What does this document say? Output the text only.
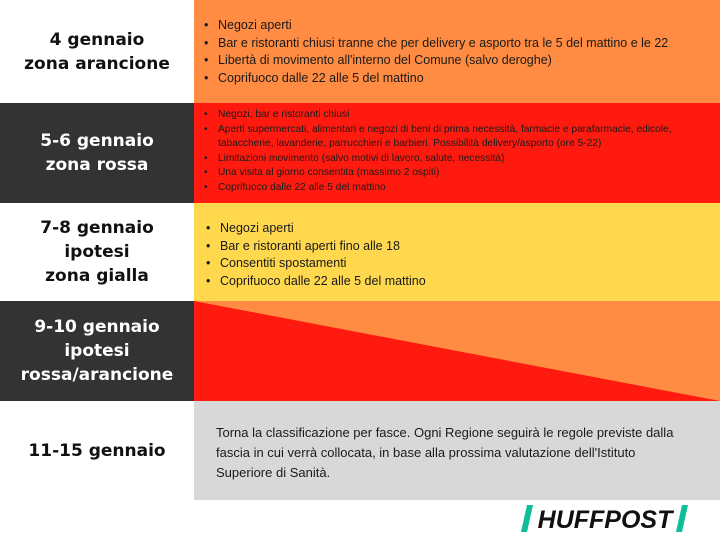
4 gennaio
zona arancione
• Negozi aperti
• Bar e ristoranti chiusi tranne che per delivery e asporto tra le 5 del mattino e le 22
• Libertà di movimento all'interno del Comune (salvo deroghe)
• Coprifuoco dalle 22 alle 5 del mattino
5-6 gennaio
zona rossa
• Negozi, bar e ristoranti chiusi
• Aperti supermercati, alimentari e negozi di beni di prima necessità, farmacie e parafarmacie, edicole, tabaccherie, lavanderie, parrucchieri e barbieri. Possibilità delivery/asporto (ore 5-22)
• Limitazioni movimento (salvo motivi di lavoro, salute, necessità)
• Una visita al giorno consentita (massimo 2 ospiti)
• Coprifuoco dalle 22 alle 5 del mattino
7-8 gennaio
ipotesi
zona gialla
• Negozi aperti
• Bar e ristoranti aperti fino alle 18
• Consentiti spostamenti
• Coprifuoco dalle 22 alle 5 del mattino
9-10 gennaio
ipotesi
rossa/arancione
11-15 gennaio
Torna la classificazione per fasce. Ogni Regione seguirà le regole previste dalla fascia in cui verrà collocata, in base alla prossima valutazione dell'Istituto Superiore di Sanità.
HUFFPOST
